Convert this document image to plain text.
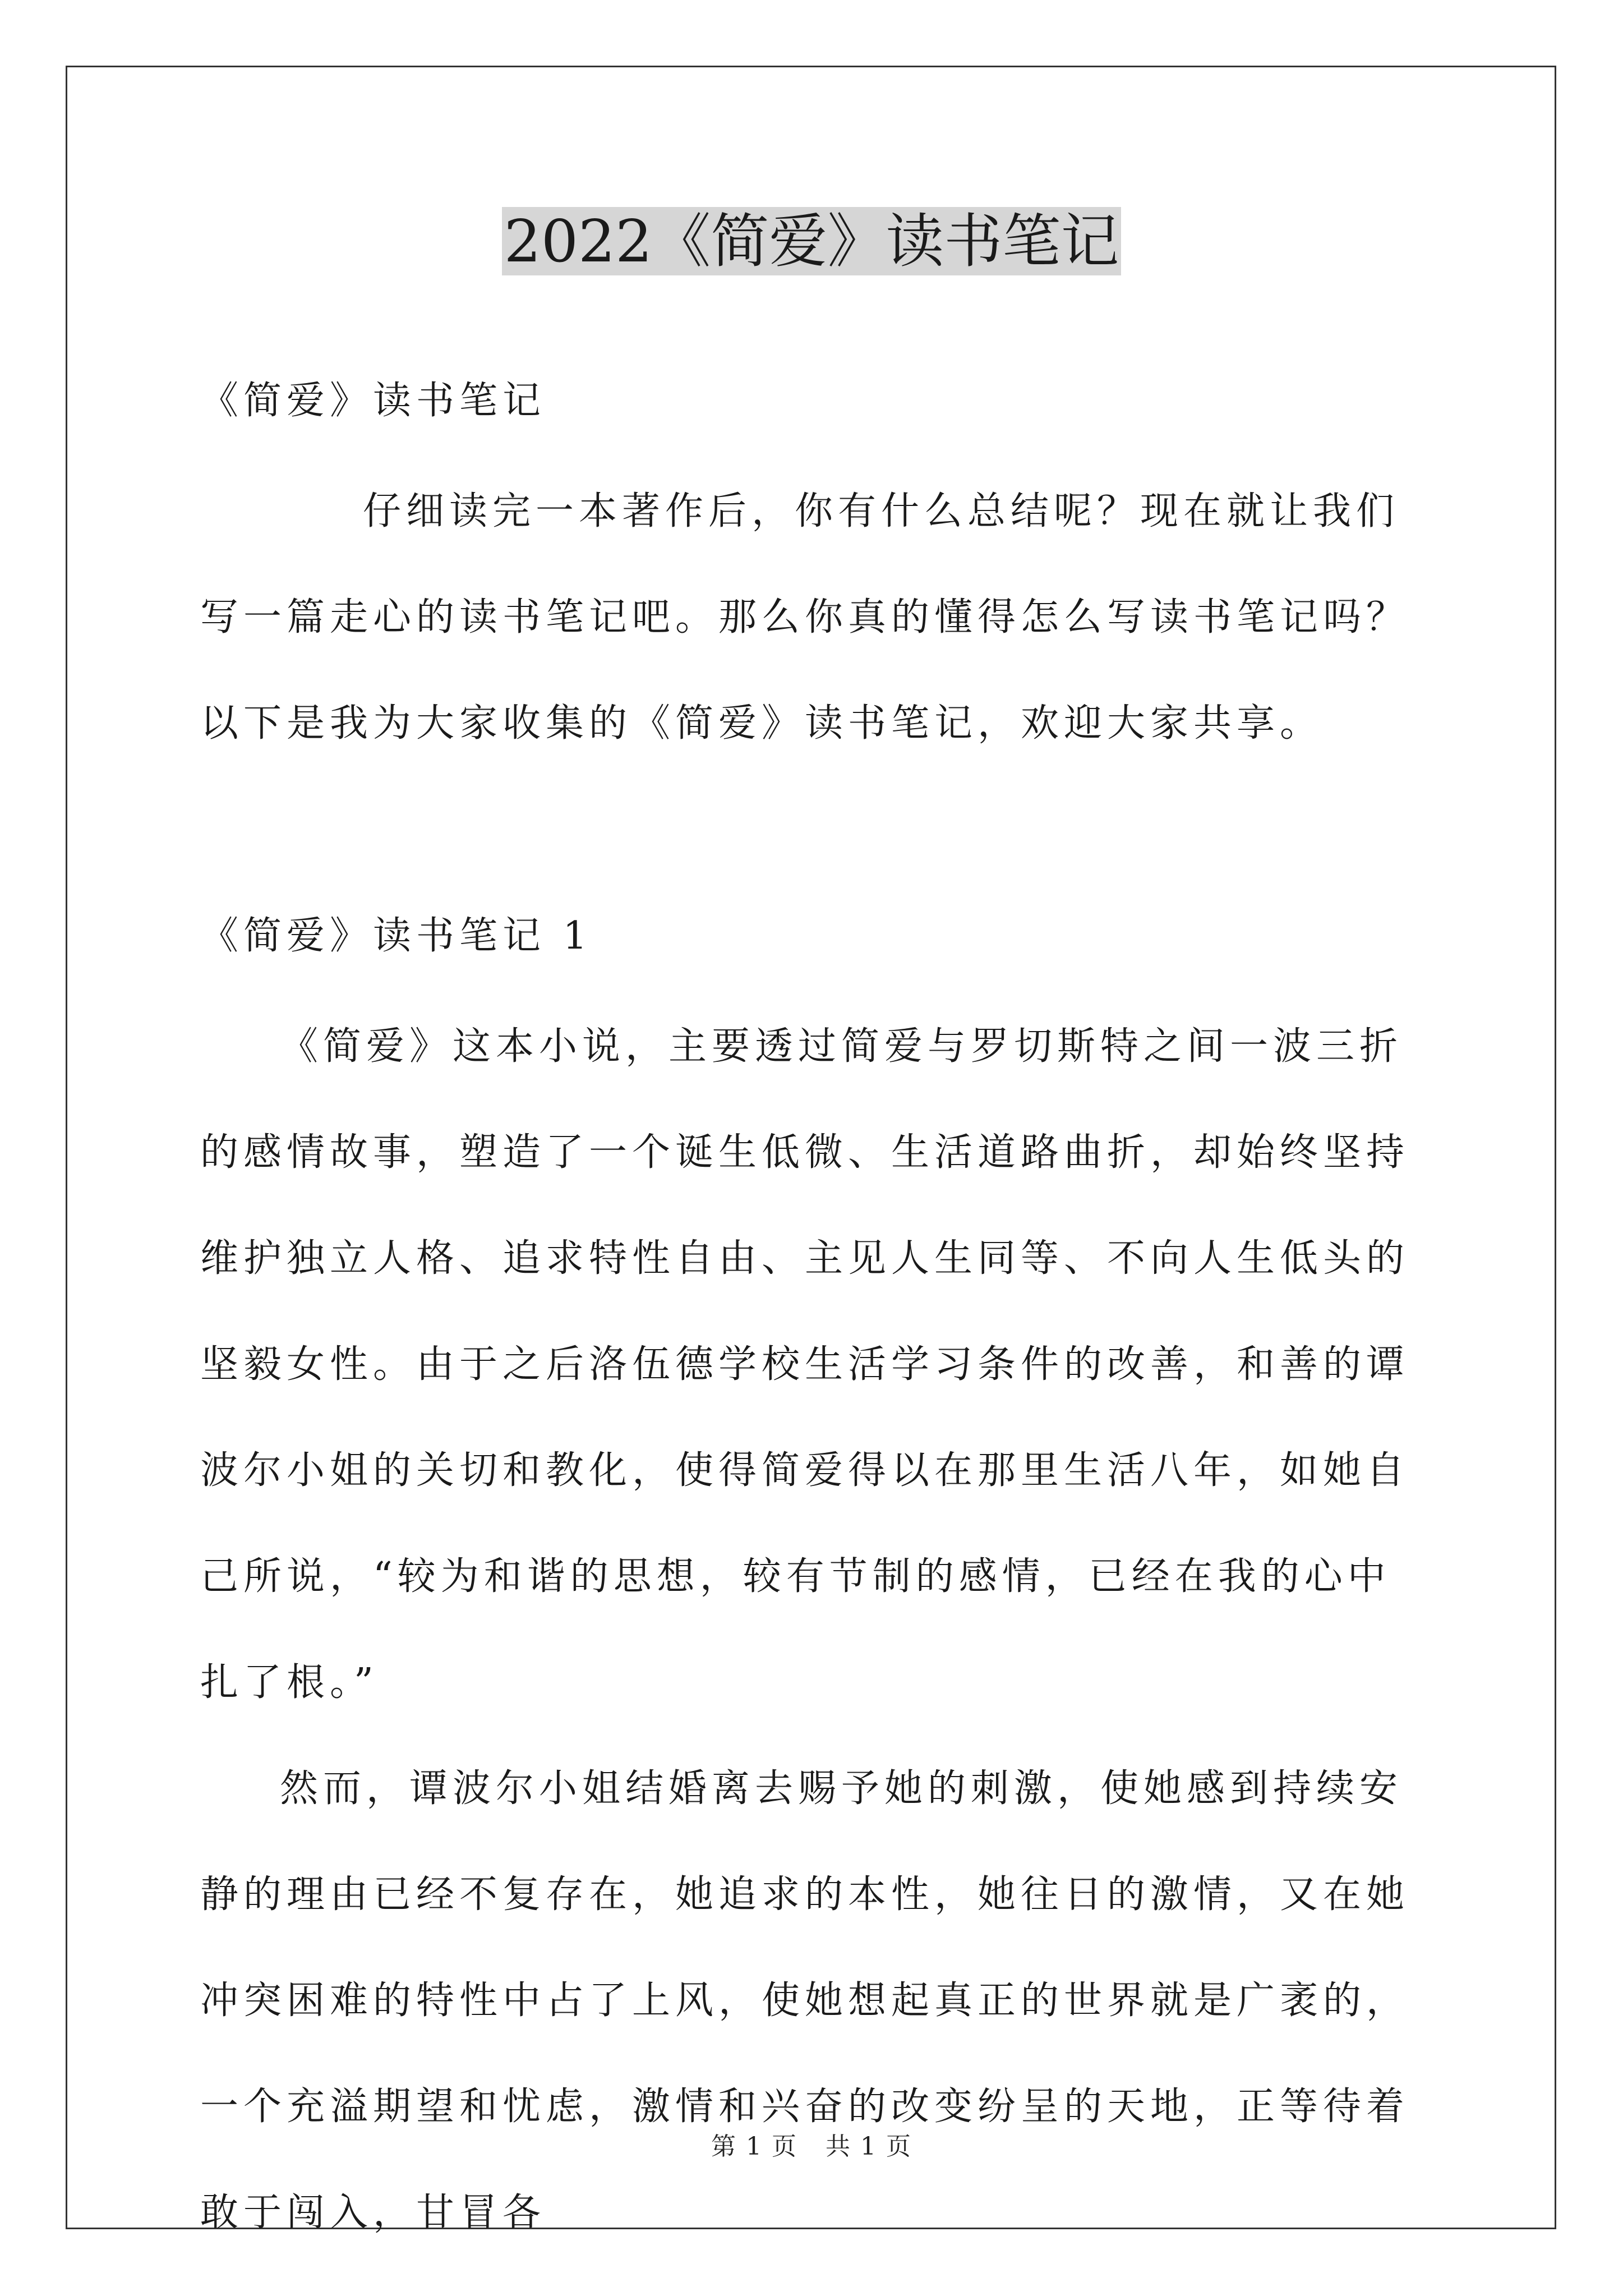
2022《简爱》读书笔记

《简爱》读书笔记

仔细读完一本著作后，你有什么总结呢？现在就让我们写一篇走心的读书笔记吧。那么你真的懂得怎么写读书笔记吗？以下是我为大家收集的《简爱》读书笔记，欢迎大家共享。

《简爱》读书笔记 1

《简爱》这本小说，主要透过简爱与罗切斯特之间一波三折的感情故事，塑造了一个诞生低微、生活道路曲折，却始终坚持维护独立人格、追求特性自由、主见人生同等、不向人生低头的坚毅女性。由于之后洛伍德学校生活学习条件的改善，和善的谭波尔小姐的关切和教化，使得简爱得以在那里生活八年，如她自己所说，“较为和谐的思想，较有节制的感情，已经在我的心中扎了根。”

然而，谭波尔小姐结婚离去赐予她的刺激，使她感到持续安静的理由已经不复存在，她追求的本性，她往日的激情，又在她冲突困难的特性中占了上风，使她想起真正的世界就是广袤的，一个充溢期望和忧虑，激情和兴奋的改变纷呈的天地，正等待着敢于闯入，甘冒各

第 1 页 共 1 页
